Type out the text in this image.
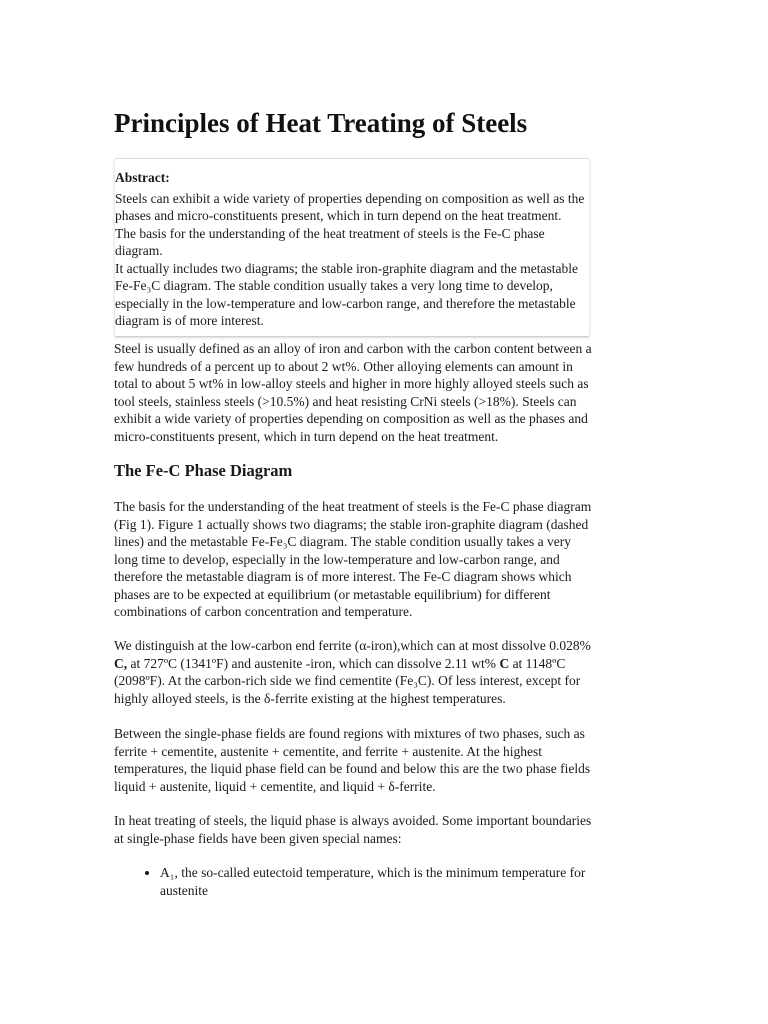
Principles of Heat Treating of Steels
Abstract:

Steels can exhibit a wide variety of properties depending on composition as well as the
phases and micro-constituents present, which in turn depend on the heat treatment.
The basis for the understanding of the heat treatment of steels is the Fe-C phase diagram.
It actually includes two diagrams; the stable iron-graphite diagram and the metastable
Fe-Fe₃C diagram. The stable condition usually takes a very long time to develop,
especially in the low-temperature and low-carbon range, and therefore the metastable
diagram is of more interest.

Steel is usually defined as an alloy of iron and carbon with the carbon content between a
few hundreds of a percent up to about 2 wt%. Other alloying elements can amount in
total to about 5 wt% in low-alloy steels and higher in more highly alloyed steels such as
tool steels, stainless steels (>10.5%) and heat resisting CrNi steels (>18%). Steels can
exhibit a wide variety of properties depending on composition as well as the phases and
micro-constituents present, which in turn depend on the heat treatment.

The Fe-C Phase Diagram

The basis for the understanding of the heat treatment of steels is the Fe-C phase diagram
(Fig 1). Figure 1 actually shows two diagrams; the stable iron-graphite diagram (dashed
lines) and the metastable Fe-Fe₃C diagram. The stable condition usually takes a very
long time to develop, especially in the low-temperature and low-carbon range, and
therefore the metastable diagram is of more interest. The Fe-C diagram shows which
phases are to be expected at equilibrium (or metastable equilibrium) for different
combinations of carbon concentration and temperature.

We distinguish at the low-carbon end ferrite (α-iron),which can at most dissolve 0.028%
C, at 727ºC (1341ºF) and austenite -iron, which can dissolve 2.11 wt% C at 1148ºC
(2098ºF). At the carbon-rich side we find cementite (Fe₃C). Of less interest, except for
highly alloyed steels, is the δ-ferrite existing at the highest temperatures.

Between the single-phase fields are found regions with mixtures of two phases, such as
ferrite + cementite, austenite + cementite, and ferrite + austenite. At the highest
temperatures, the liquid phase field can be found and below this are the two phase fields
liquid + austenite, liquid + cementite, and liquid + δ-ferrite.

In heat treating of steels, the liquid phase is always avoided. Some important boundaries
at single-phase fields have been given special names:

• A₁, the so-called eutectoid temperature, which is the minimum temperature for
austenite
